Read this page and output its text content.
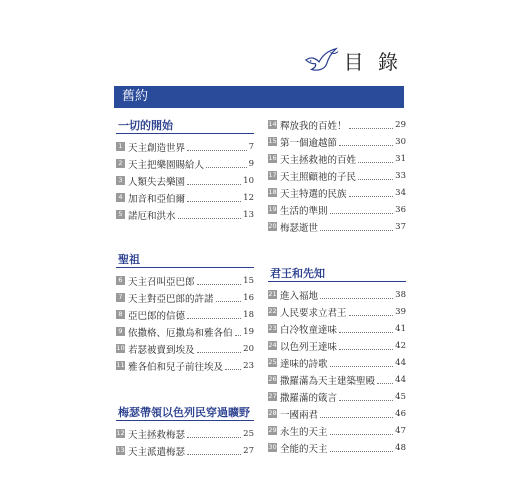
目 錄
舊約
一切的開始
1 天主創造世界	7
2 天主把樂園賜給人	9
3 人類失去樂園	10
4 加音和亞伯爾	12
5 諾厄和洪水	13
聖祖
6 天主召叫亞巴郎	15
7 天主對亞巴郎的許諾	16
8 亞巴郎的信德	18
9 依撒格、厄撒烏和雅各伯 19
10 若瑟被賣到埃及	20
11 雅各伯和兒子前往埃及 23
梅瑟帶領以色列民穿過曠野
12 天主拯救梅瑟	25
13 天主派遣梅瑟	27
14 釋放我的百姓！	29
15 第一個逾越節	30
16 天主拯救祂的百姓	31
17 天主照顧祂的子民	33
18 天主特選的民族	34
19 生活的準則	36
20 梅瑟逝世	37
君王和先知
21 進入福地	38
22 人民要求立君王	39
23 白冷牧童達味	41
24 以色列王達味	42
25 達味的詩歌	44
26 撒羅滿為天主建築聖殿 44
27 撒羅滿的箴言	45
28 一國兩君	46
29 永生的天主	47
30 全能的天主	48
